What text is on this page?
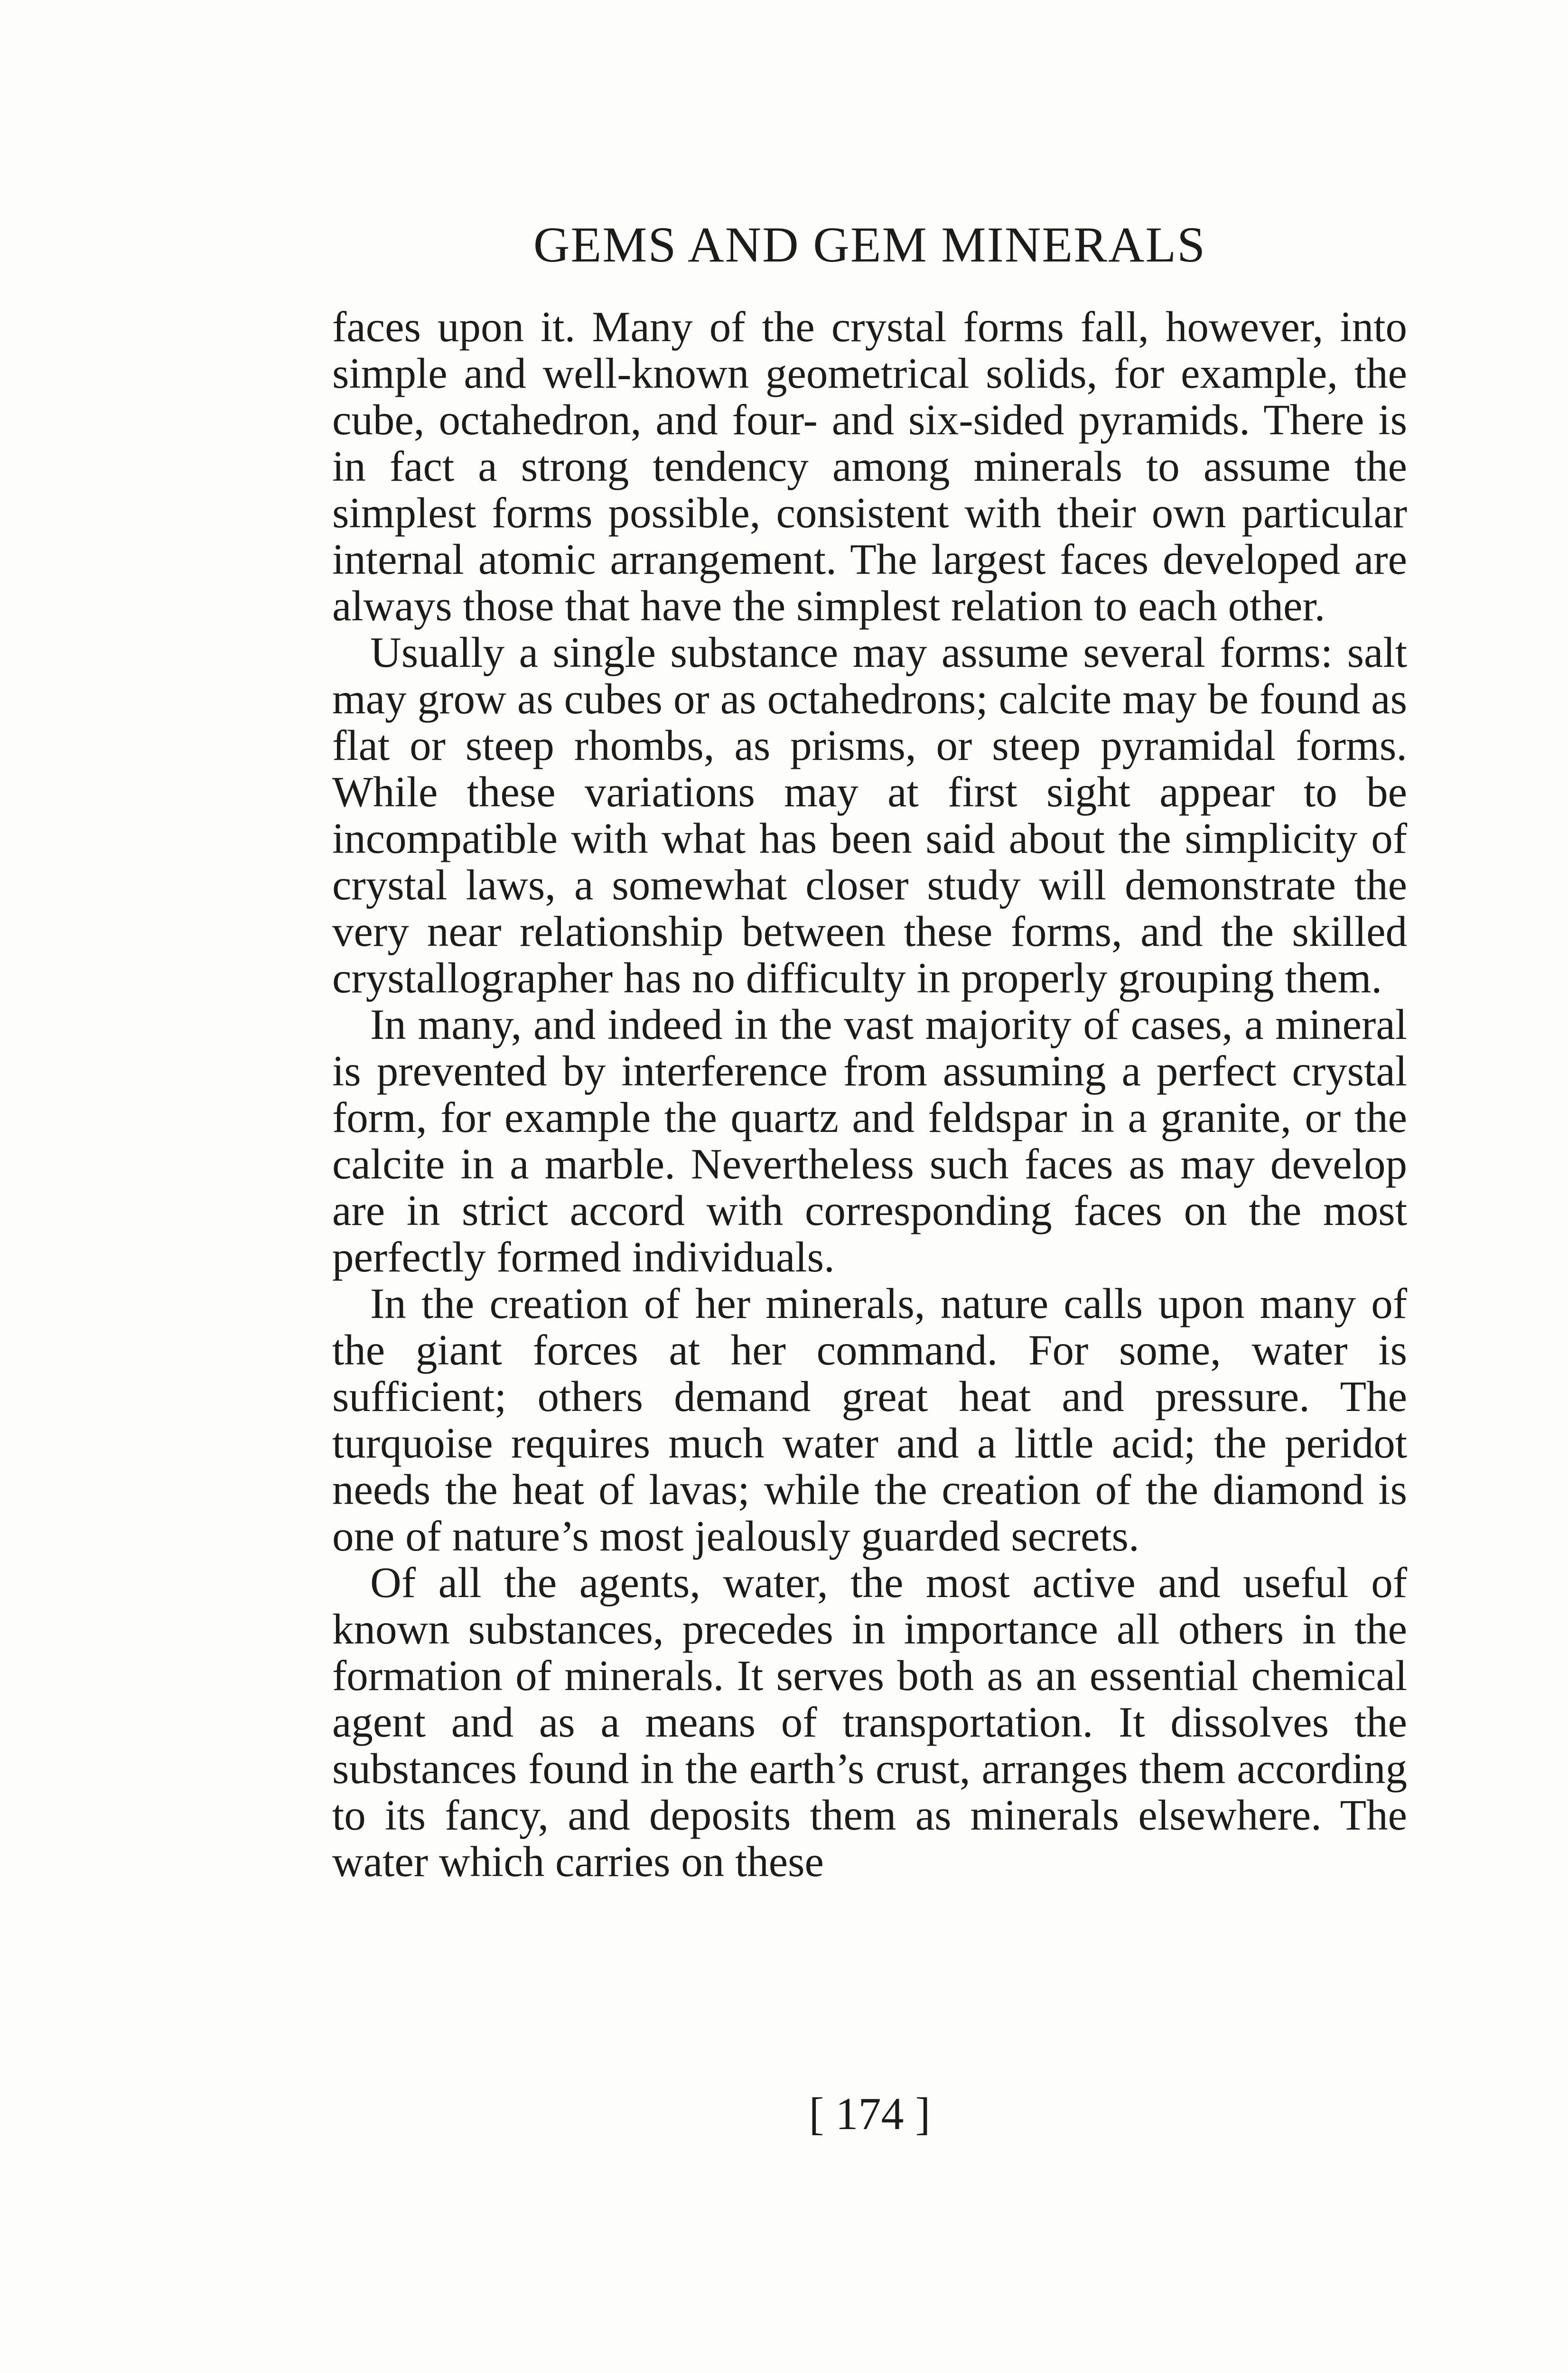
GEMS AND GEM MINERALS

faces upon it. Many of the crystal forms fall, however, into simple and well-known geometrical solids, for example, the cube, octahedron, and four- and six-sided pyramids. There is in fact a strong tendency among minerals to assume the simplest forms possible, consistent with their own particular internal atomic arrangement. The largest faces developed are always those that have the simplest relation to each other.

Usually a single substance may assume several forms: salt may grow as cubes or as octahedrons; calcite may be found as flat or steep rhombs, as prisms, or steep pyramidal forms. While these variations may at first sight appear to be incompatible with what has been said about the simplicity of crystal laws, a somewhat closer study will demonstrate the very near relationship between these forms, and the skilled crystallographer has no difficulty in properly grouping them.

In many, and indeed in the vast majority of cases, a mineral is prevented by interference from assuming a perfect crystal form, for example the quartz and feldspar in a granite, or the calcite in a marble. Nevertheless such faces as may develop are in strict accord with corresponding faces on the most perfectly formed individuals.

In the creation of her minerals, nature calls upon many of the giant forces at her command. For some, water is sufficient; others demand great heat and pressure. The turquoise requires much water and a little acid; the peridot needs the heat of lavas; while the creation of the diamond is one of nature’s most jealously guarded secrets.

Of all the agents, water, the most active and useful of known substances, precedes in importance all others in the formation of minerals. It serves both as an essential chemical agent and as a means of transportation. It dissolves the substances found in the earth’s crust, arranges them according to its fancy, and deposits them as minerals elsewhere. The water which carries on these

[ 174 ]
